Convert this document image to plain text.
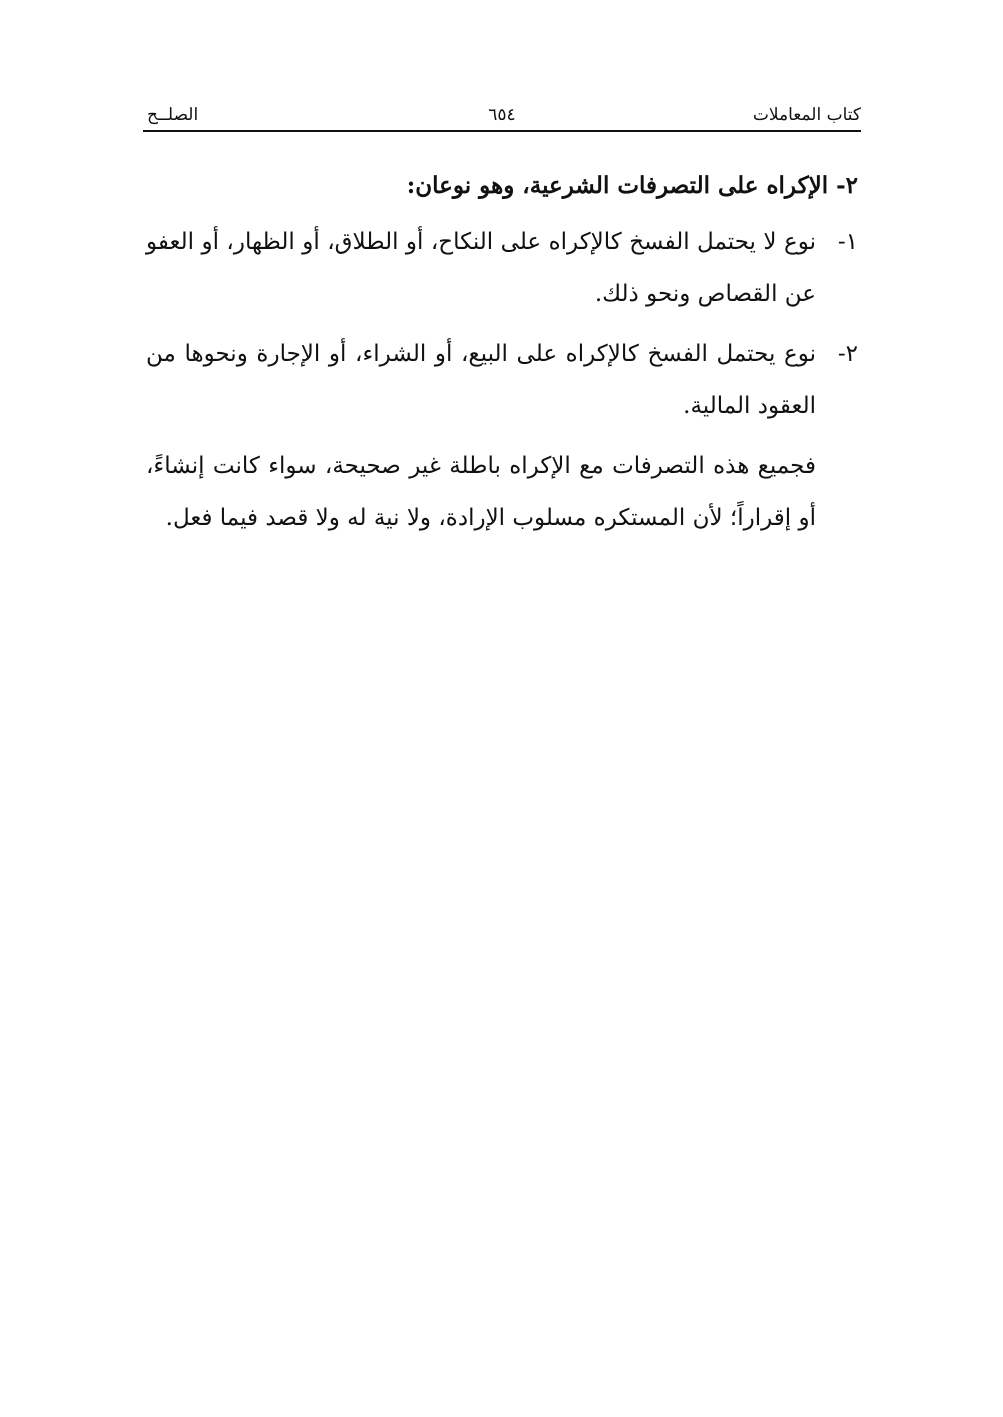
كتاب المعاملات
٦٥٤
الصلــح

٢- الإكراه على التصرفات الشرعية، وهو نوعان:

١-
نوع لا يحتمل الفسخ كالإكراه على النكاح، أو الطلاق، أو الظهار، أو العفو عن القصاص ونحو ذلك.
٢-
نوع يحتمل الفسخ كالإكراه على البيع، أو الشراء، أو الإجارة ونحوها من العقود المالية.

فجميع هذه التصرفات مع الإكراه باطلة غير صحيحة، سواء كانت إنشاءً، أو إقراراً؛ لأن المستكره مسلوب الإرادة، ولا نية له ولا قصد فيما فعل.
